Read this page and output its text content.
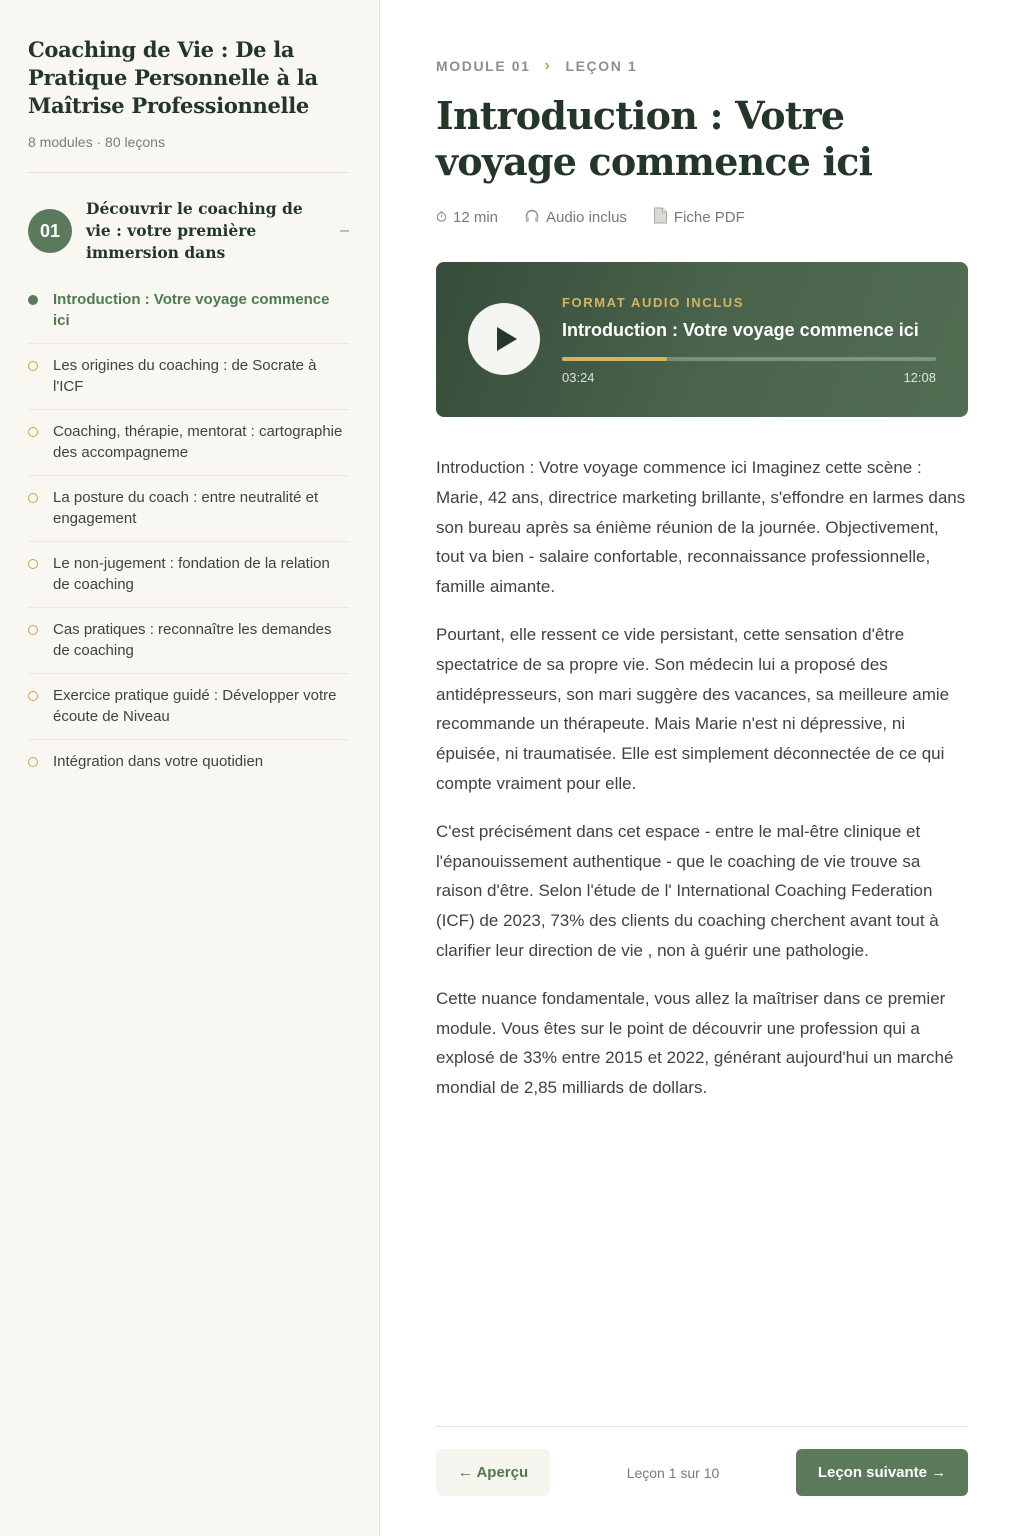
Coaching de Vie : De la Pratique Personnelle à la Maîtrise Professionnelle
8 modules · 80 leçons
01
Découvrir le coaching de vie : votre première immersion dans
–
Introduction : Votre voyage commence ici
Les origines du coaching : de Socrate à l'ICF
Coaching, thérapie, mentorat : cartographie des accompagneme
La posture du coach : entre neutralité et engagement
Le non-jugement : fondation de la relation de coaching
Cas pratiques : reconnaître les demandes de coaching
Exercice pratique guidé : Développer votre écoute de Niveau
Intégration dans votre quotidien
MODULE 01 › LEÇON 1
Introduction : Votre voyage commence ici
12 min	Audio inclus	Fiche PDF
FORMAT AUDIO INCLUS
Introduction : Votre voyage commence ici
03:24	12:08

Introduction : Votre voyage commence ici Imaginez cette scène : Marie, 42 ans, directrice marketing brillante, s'effondre en larmes dans son bureau après sa énième réunion de la journée. Objectivement, tout va bien - salaire confortable, reconnaissance professionnelle, famille aimante.

Pourtant, elle ressent ce vide persistant, cette sensation d'être spectatrice de sa propre vie. Son médecin lui a proposé des antidépresseurs, son mari suggère des vacances, sa meilleure amie recommande un thérapeute. Mais Marie n'est ni dépressive, ni épuisée, ni traumatisée. Elle est simplement déconnectée de ce qui compte vraiment pour elle.

C'est précisément dans cet espace - entre le mal-être clinique et l'épanouissement authentique - que le coaching de vie trouve sa raison d'être. Selon l'étude de l' International Coaching Federation (ICF) de 2023, 73% des clients du coaching cherchent avant tout à clarifier leur direction de vie , non à guérir une pathologie.

Cette nuance fondamentale, vous allez la maîtriser dans ce premier module. Vous êtes sur le point de découvrir une profession qui a explosé de 33% entre 2015 et 2022, générant aujourd'hui un marché mondial de 2,85 milliards de dollars.

← Aperçu	Leçon 1 sur 10	Leçon suivante →
